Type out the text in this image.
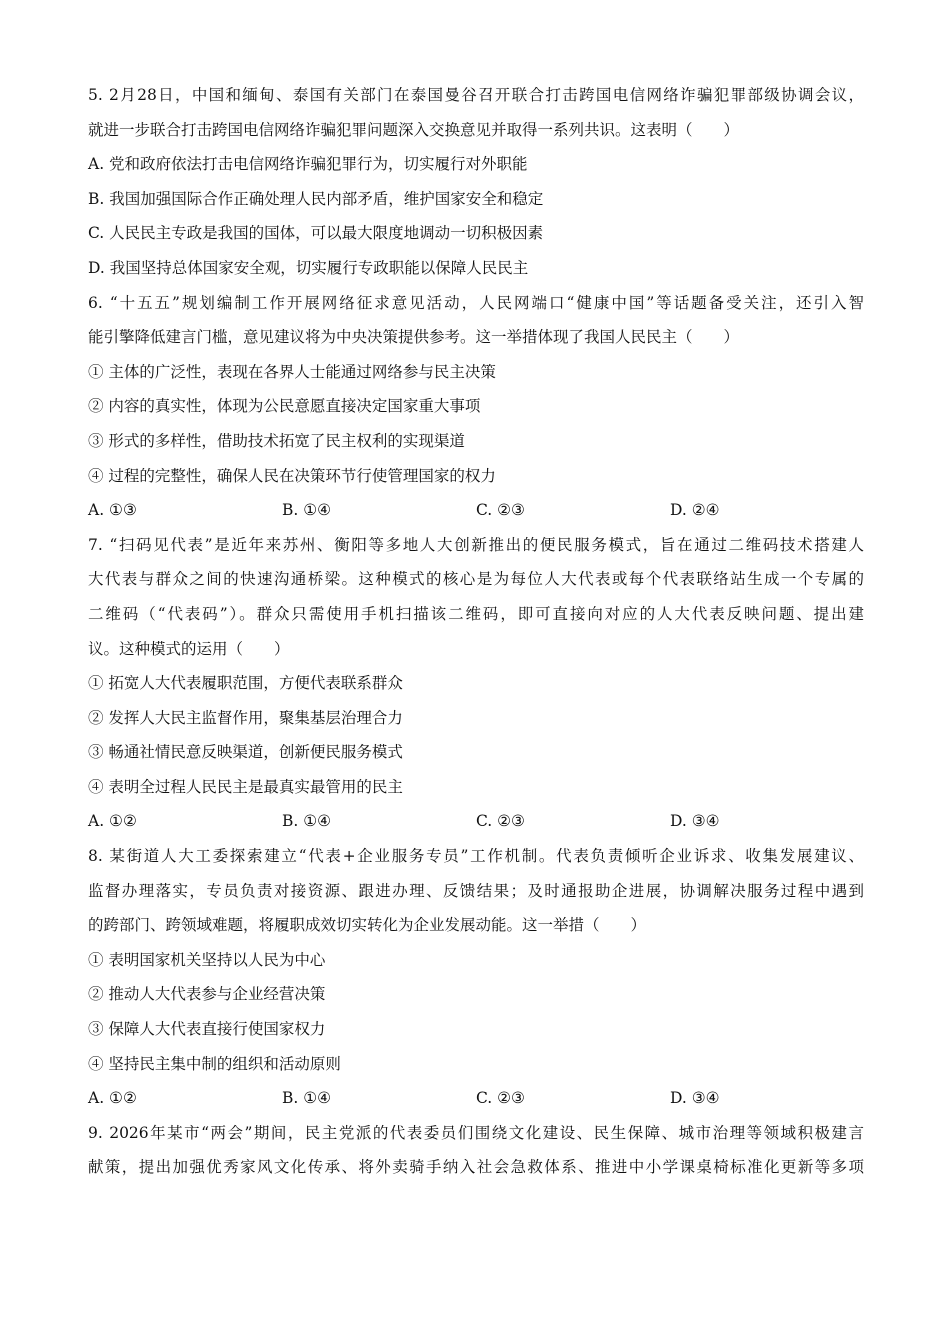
5. 2月28日，中国和缅甸、泰国有关部门在泰国曼谷召开联合打击跨国电信网络诈骗犯罪部级协调会议，
就进一步联合打击跨国电信网络诈骗犯罪问题深入交换意见并取得一系列共识。这表明（　　）
A. 党和政府依法打击电信网络诈骗犯罪行为，切实履行对外职能
B. 我国加强国际合作正确处理人民内部矛盾，维护国家安全和稳定
C. 人民民主专政是我国的国体，可以最大限度地调动一切积极因素
D. 我国坚持总体国家安全观，切实履行专政职能以保障人民民主
6. “十五五”规划编制工作开展网络征求意见活动，人民网端口“健康中国”等话题备受关注，还引入智
能引擎降低建言门槛，意见建议将为中央决策提供参考。这一举措体现了我国人民民主（　　）
① 主体的广泛性，表现在各界人士能通过网络参与民主决策
② 内容的真实性，体现为公民意愿直接决定国家重大事项
③ 形式的多样性，借助技术拓宽了民主权利的实现渠道
④ 过程的完整性，确保人民在决策环节行使管理国家的权力
A. ①③	B. ①④	C. ②③	D. ②④
7. “扫码见代表”是近年来苏州、衡阳等多地人大创新推出的便民服务模式，旨在通过二维码技术搭建人
大代表与群众之间的快速沟通桥梁。这种模式的核心是为每位人大代表或每个代表联络站生成一个专属的
二维码（“代表码”）。群众只需使用手机扫描该二维码，即可直接向对应的人大代表反映问题、提出建
议。这种模式的运用（　　）
① 拓宽人大代表履职范围，方便代表联系群众
② 发挥人大民主监督作用，聚集基层治理合力
③ 畅通社情民意反映渠道，创新便民服务模式
④ 表明全过程人民民主是最真实最管用的民主
A. ①②	B. ①④	C. ②③	D. ③④
8. 某街道人大工委探索建立“代表+企业服务专员”工作机制。代表负责倾听企业诉求、收集发展建议、
监督办理落实，专员负责对接资源、跟进办理、反馈结果；及时通报助企进展，协调解决服务过程中遇到
的跨部门、跨领域难题，将履职成效切实转化为企业发展动能。这一举措（　　）
① 表明国家机关坚持以人民为中心
② 推动人大代表参与企业经营决策
③ 保障人大代表直接行使国家权力
④ 坚持民主集中制的组织和活动原则
A. ①②	B. ①④	C. ②③	D. ③④
9. 2026年某市“两会”期间，民主党派的代表委员们围绕文化建设、民生保障、城市治理等领域积极建言
献策，提出加强优秀家风文化传承、将外卖骑手纳入社会急救体系、推进中小学课桌椅标准化更新等多项
